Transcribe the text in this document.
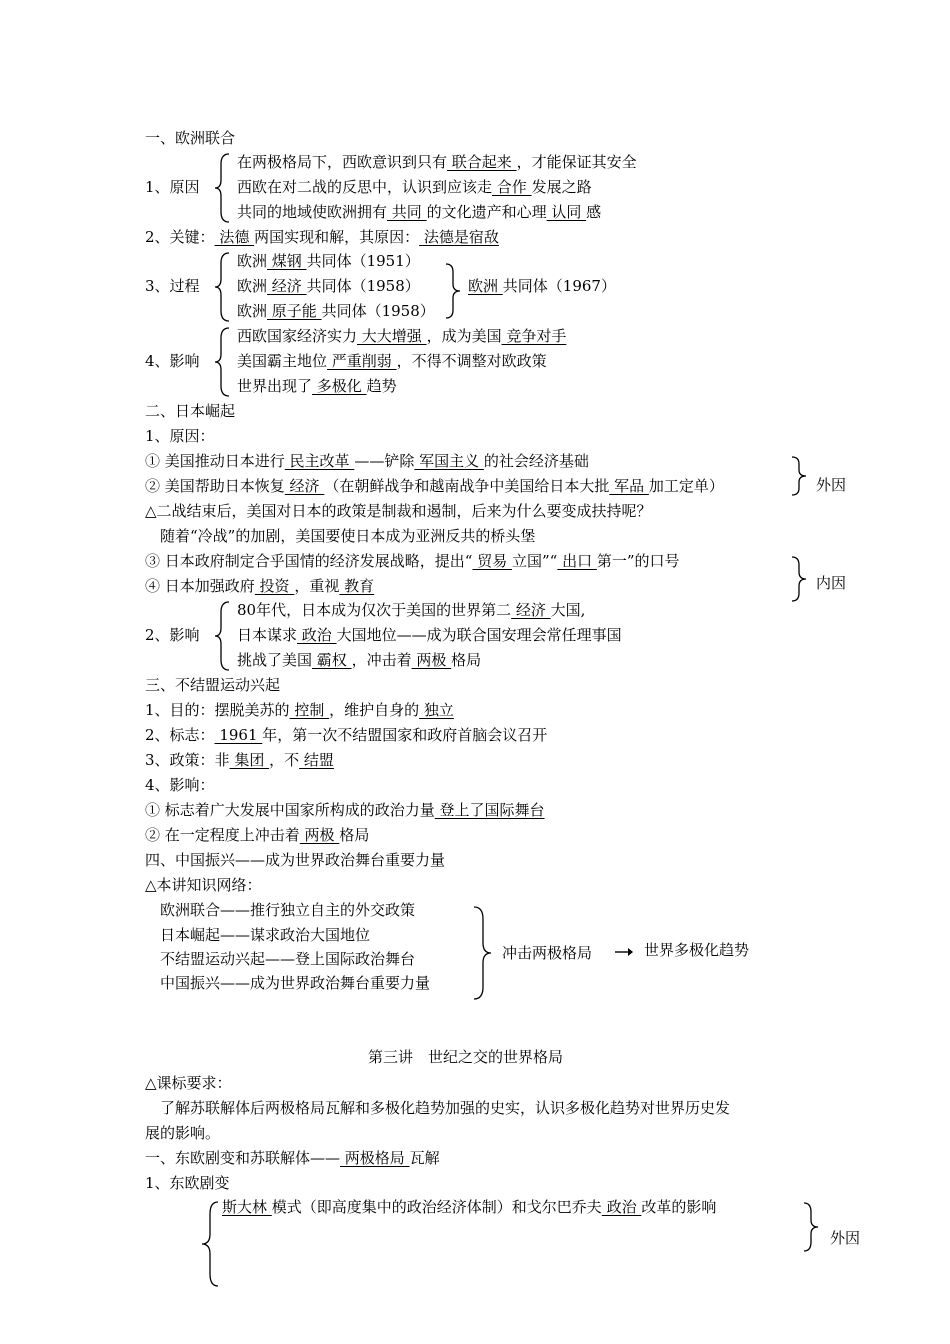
一、欧洲联合
1、原因
在两极格局下，西欧意识到只有 联合起来 ，才能保证其安全
西欧在对二战的反思中，认识到应该走 合作 发展之路
共同的地域使欧洲拥有 共同 的文化遗产和心理 认同 感
2、关键： 法德 两国实现和解，其原因： 法德是宿敌
3、过程
欧洲 煤钢 共同体（1951）
欧洲 经济 共同体（1958）
欧洲 原子能 共同体（1958）
欧洲 共同体（1967）
4、影响
西欧国家经济实力 大大增强 ，成为美国 竞争对手
美国霸主地位 严重削弱 ，不得不调整对欧政策
世界出现了 多极化 趋势
二、日本崛起
1、原因：
① 美国推动日本进行 民主改革 ——铲除 军国主义 的社会经济基础
② 美国帮助日本恢复 经济 （在朝鲜战争和越南战争中美国给日本大批 军品 加工定单）	外因
△二战结束后，美国对日本的政策是制裁和遏制，后来为什么要变成扶持呢？
随着“冷战”的加剧，美国要使日本成为亚洲反共的桥头堡
③ 日本政府制定合乎国情的经济发展战略，提出“ 贸易 立国”“ 出口 第一”的口号
④ 日本加强政府 投资 ，重视 教育	内因
2、影响
80年代，日本成为仅次于美国的世界第二 经济 大国,
日本谋求 政治 大国地位——成为联合国安理会常任理事国
挑战了美国 霸权 ，冲击着 两极 格局
三、不结盟运动兴起
1、目的：摆脱美苏的 控制 ，维护自身的 独立
2、标志： 1961 年，第一次不结盟国家和政府首脑会议召开
3、政策：非 集团 ，不 结盟
4、影响：
① 标志着广大发展中国家所构成的政治力量 登上了国际舞台
② 在一定程度上冲击着 两极 格局
四、中国振兴——成为世界政治舞台重要力量
△本讲知识网络：
欧洲联合——推行独立自主的外交政策
日本崛起——谋求政治大国地位
不结盟运动兴起——登上国际政治舞台
中国振兴——成为世界政治舞台重要力量
冲击两极格局	世界多极化趋势
第三讲　世纪之交的世界格局
△课标要求：
了解苏联解体后两极格局瓦解和多极化趋势加强的史实，认识多极化趋势对世界历史发
展的影响。
一、东欧剧变和苏联解体—— 两极格局 瓦解
1、东欧剧变
斯大林 模式（即高度集中的政治经济体制）和戈尔巴乔夫 政治 改革的影响
外因
